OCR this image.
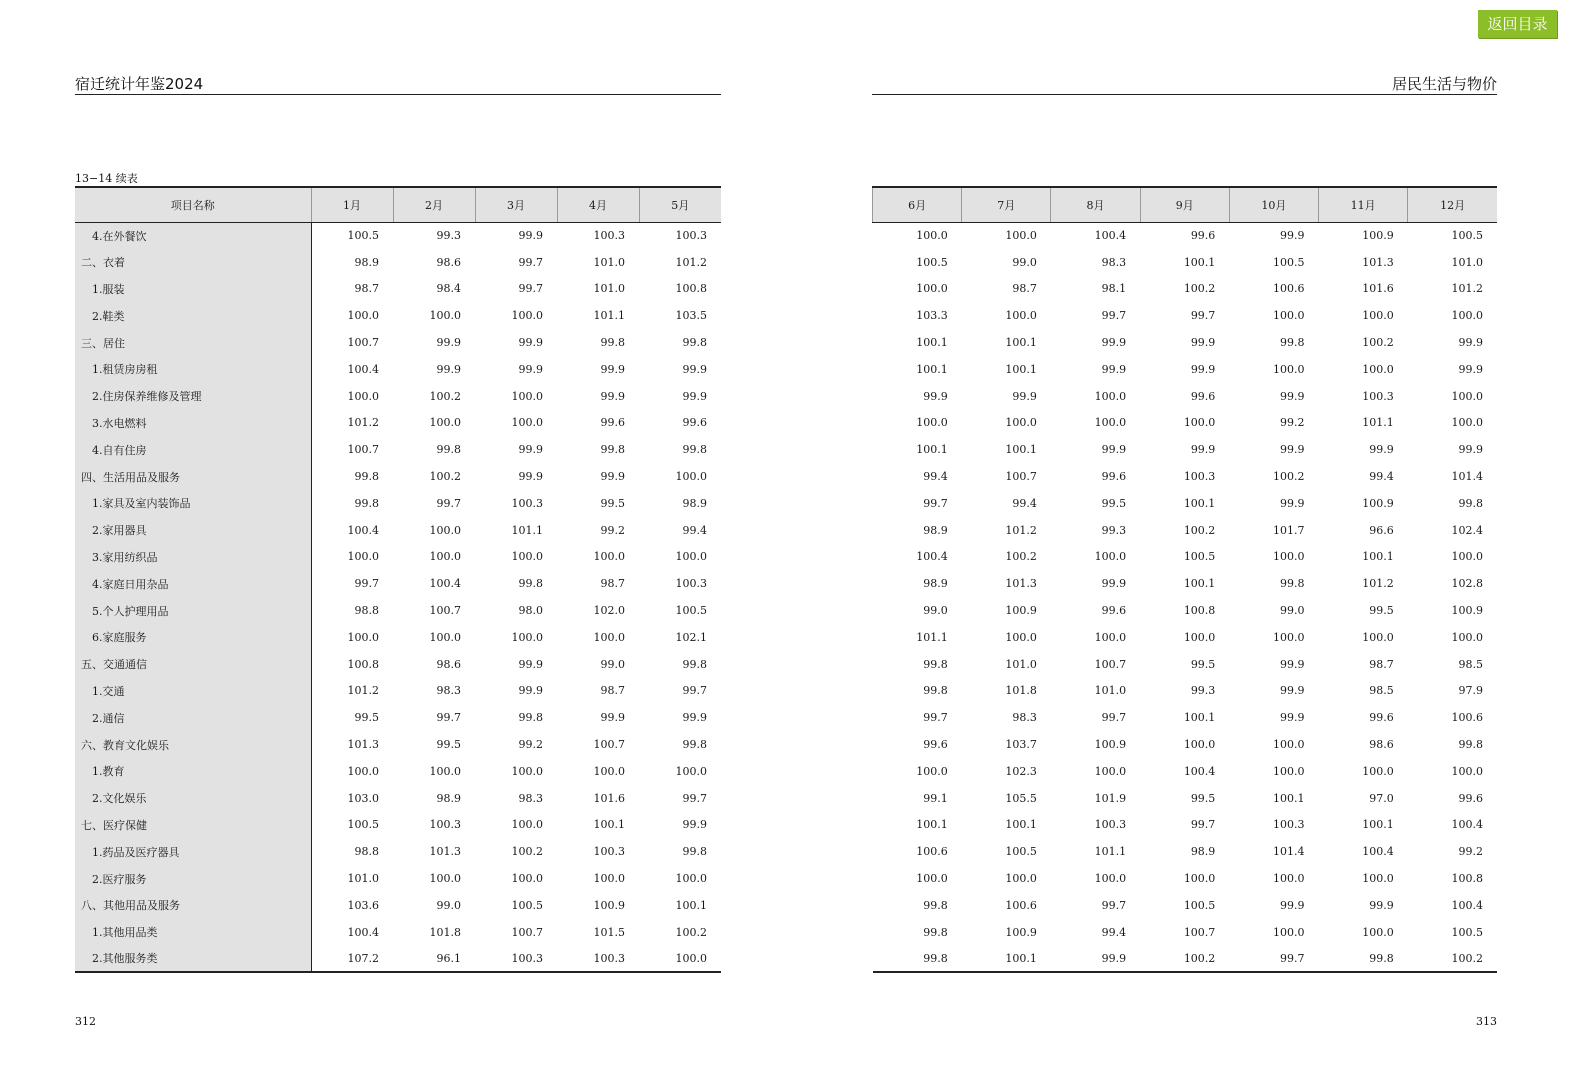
返回目录
宿迁统计年鉴2024	居民生活与物价
13−14 续表
项目名称	1月	2月	3月	4月	5月
4.在外餐饮	100.5	99.3	99.9	100.3	100.3
二、衣着	98.9	98.6	99.7	101.0	101.2
1.服装	98.7	98.4	99.7	101.0	100.8
2.鞋类	100.0	100.0	100.0	101.1	103.5
三、居住	100.7	99.9	99.9	99.8	99.8
1.租赁房房租	100.4	99.9	99.9	99.9	99.9
2.住房保养维修及管理	100.0	100.2	100.0	99.9	99.9
3.水电燃料	101.2	100.0	100.0	99.6	99.6
4.自有住房	100.7	99.8	99.9	99.8	99.8
四、生活用品及服务	99.8	100.2	99.9	99.9	100.0
1.家具及室内装饰品	99.8	99.7	100.3	99.5	98.9
2.家用器具	100.4	100.0	101.1	99.2	99.4
3.家用纺织品	100.0	100.0	100.0	100.0	100.0
4.家庭日用杂品	99.7	100.4	99.8	98.7	100.3
5.个人护理用品	98.8	100.7	98.0	102.0	100.5
6.家庭服务	100.0	100.0	100.0	100.0	102.1
五、交通通信	100.8	98.6	99.9	99.0	99.8
1.交通	101.2	98.3	99.9	98.7	99.7
2.通信	99.5	99.7	99.8	99.9	99.9
六、教育文化娱乐	101.3	99.5	99.2	100.7	99.8
1.教育	100.0	100.0	100.0	100.0	100.0
2.文化娱乐	103.0	98.9	98.3	101.6	99.7
七、医疗保健	100.5	100.3	100.0	100.1	99.9
1.药品及医疗器具	98.8	101.3	100.2	100.3	99.8
2.医疗服务	101.0	100.0	100.0	100.0	100.0
八、其他用品及服务	103.6	99.0	100.5	100.9	100.1
1.其他用品类	100.4	101.8	100.7	101.5	100.2
2.其他服务类	107.2	96.1	100.3	100.3	100.0
6月	7月	8月	9月	10月	11月	12月
100.0	100.0	100.4	99.6	99.9	100.9	100.5
100.5	99.0	98.3	100.1	100.5	101.3	101.0
100.0	98.7	98.1	100.2	100.6	101.6	101.2
103.3	100.0	99.7	99.7	100.0	100.0	100.0
100.1	100.1	99.9	99.9	99.8	100.2	99.9
100.1	100.1	99.9	99.9	100.0	100.0	99.9
99.9	99.9	100.0	99.6	99.9	100.3	100.0
100.0	100.0	100.0	100.0	99.2	101.1	100.0
100.1	100.1	99.9	99.9	99.9	99.9	99.9
99.4	100.7	99.6	100.3	100.2	99.4	101.4
99.7	99.4	99.5	100.1	99.9	100.9	99.8
98.9	101.2	99.3	100.2	101.7	96.6	102.4
100.4	100.2	100.0	100.5	100.0	100.1	100.0
98.9	101.3	99.9	100.1	99.8	101.2	102.8
99.0	100.9	99.6	100.8	99.0	99.5	100.9
101.1	100.0	100.0	100.0	100.0	100.0	100.0
99.8	101.0	100.7	99.5	99.9	98.7	98.5
99.8	101.8	101.0	99.3	99.9	98.5	97.9
99.7	98.3	99.7	100.1	99.9	99.6	100.6
99.6	103.7	100.9	100.0	100.0	98.6	99.8
100.0	102.3	100.0	100.4	100.0	100.0	100.0
99.1	105.5	101.9	99.5	100.1	97.0	99.6
100.1	100.1	100.3	99.7	100.3	100.1	100.4
100.6	100.5	101.1	98.9	101.4	100.4	99.2
100.0	100.0	100.0	100.0	100.0	100.0	100.8
99.8	100.6	99.7	100.5	99.9	99.9	100.4
99.8	100.9	99.4	100.7	100.0	100.0	100.5
99.8	100.1	99.9	100.2	99.7	99.8	100.2
312	313
